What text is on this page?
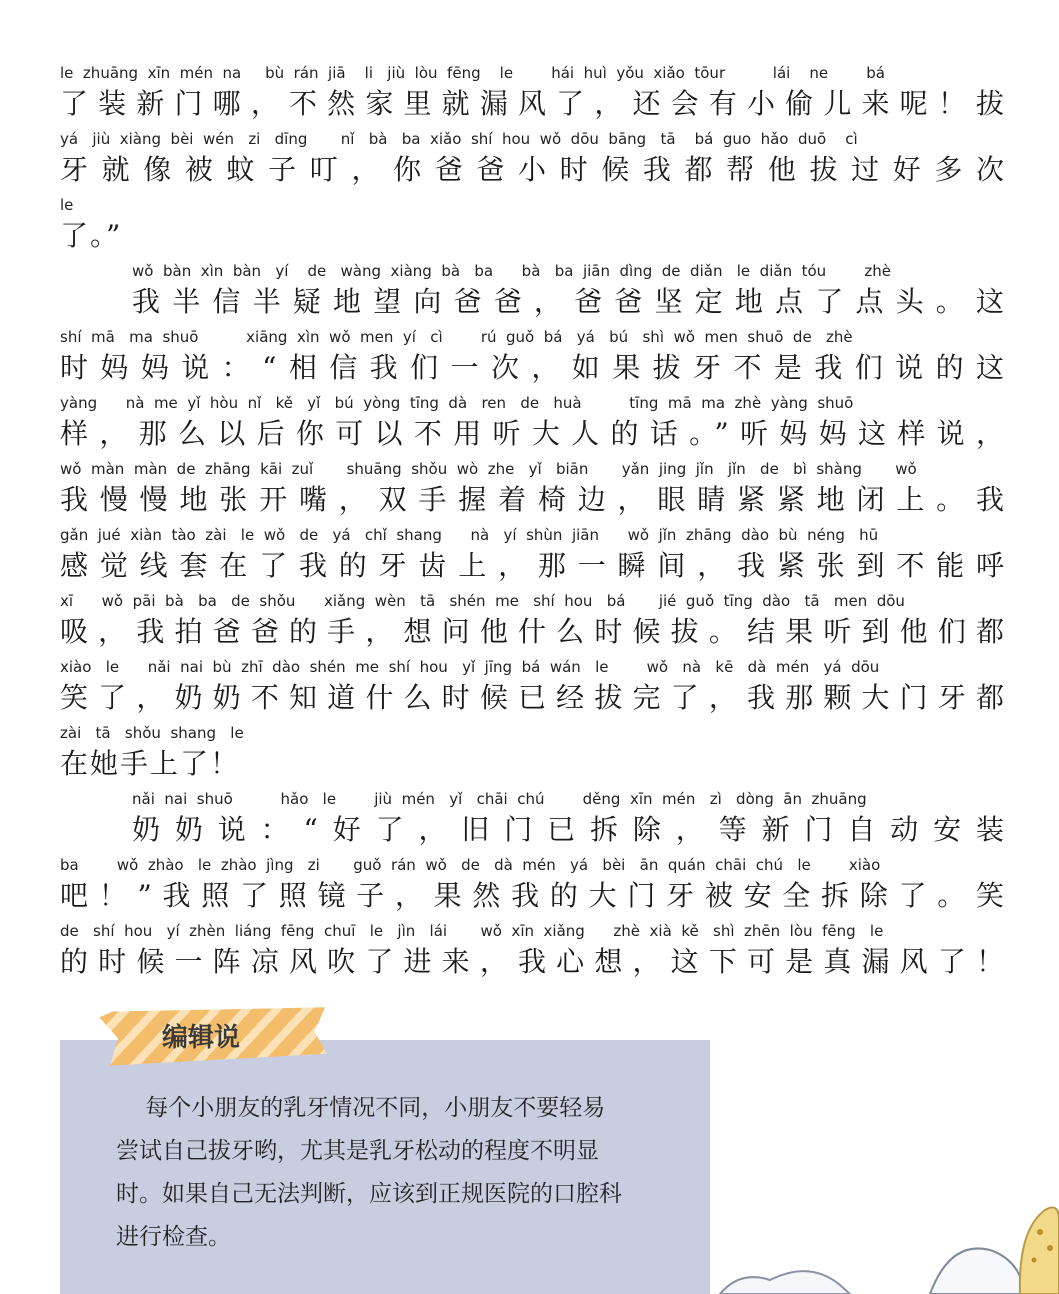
le  zhuāng  xīn  mén  na     bù  rán  jiā    li   jiù  lòu  fēng    le        hái  huì  yǒu  xiǎo  tōur          lái    ne        bá
了装新门哪，不然家里就漏风了，还会有小偷儿来呢！拔
yá   jiù  xiàng  bèi  wén   zi   dīng       nǐ   bà   ba  xiǎo  shí  hou  wǒ  dōu  bāng   tā    bá  guo  hǎo  duō    cì
牙就像被蚊子叮，你爸爸小时候我都帮他拔过好多次
le
了。”
wǒ  bàn  xìn  bàn   yí    de   wàng  xiàng  bà   ba      bà   ba  jiān  dìng  de  diǎn   le  diǎn  tóu        zhè
我半信半疑地望向爸爸，爸爸坚定地点了点头。这
shí  mā   ma  shuō          xiāng  xìn  wǒ  men  yí   cì        rú  guǒ  bá   yá   bú   shì  wǒ  men  shuō  de   zhè
时妈妈说：“相信我们一次，如果拔牙不是我们说的这
yàng      nà  me  yǐ  hòu  nǐ   kě   yǐ   bú  yòng  tīng  dà   ren   de   huà          tīng  mā  ma  zhè  yàng  shuō
样，那么以后你可以不用听大人的话。”听妈妈这样说，
wǒ  màn  màn  de  zhāng  kāi  zuǐ       shuāng  shǒu  wò  zhe   yǐ   biān       yǎn  jing  jǐn   jǐn   de   bì  shàng       wǒ
我慢慢地张开嘴，双手握着椅边，眼睛紧紧地闭上。我
gǎn  jué  xiàn  tào  zài   le  wǒ   de   yá   chǐ  shang      nà   yí  shùn  jiān      wǒ  jǐn  zhāng  dào  bù  néng   hū
感觉线套在了我的牙齿上，那一瞬间，我紧张到不能呼
xī      wǒ  pāi  bà   ba   de  shǒu      xiǎng  wèn   tā   shén  me   shí  hou   bá       jié  guǒ  tīng  dào   tā   men  dōu
吸，我拍爸爸的手，想问他什么时候拔。结果听到他们都
xiào   le      nǎi  nai  bù  zhī  dào  shén  me  shí  hou   yǐ  jīng  bá  wán   le        wǒ   nà   kē   dà  mén   yá  dōu
笑了，奶奶不知道什么时候已经拔完了，我那颗大门牙都
zài   tā   shǒu  shang   le
在她手上了！
nǎi  nai  shuō          hǎo   le        jiù  mén   yǐ   chāi  chú        děng  xīn  mén   zì   dòng  ān  zhuāng
奶奶说：“好了，旧门已拆除，等新门自动安装
ba        wǒ  zhào   le  zhào  jìng   zi       guǒ  rán  wǒ   de   dà  mén   yá   bèi   ān  quán  chāi  chú   le        xiào
吧！”我照了照镜子，果然我的大门牙被安全拆除了。笑
de   shí  hou   yí  zhèn  liáng  fēng  chuī   le   jìn   lái       wǒ  xīn  xiǎng      zhè  xià  kě   shì  zhēn  lòu  fēng   le
的时候一阵凉风吹了进来，我心想，这下可是真漏风了！
编辑说
每个小朋友的乳牙情况不同，小朋友不要轻易
尝试自己拔牙哟，尤其是乳牙松动的程度不明显
时。如果自己无法判断，应该到正规医院的口腔科
进行检查。
